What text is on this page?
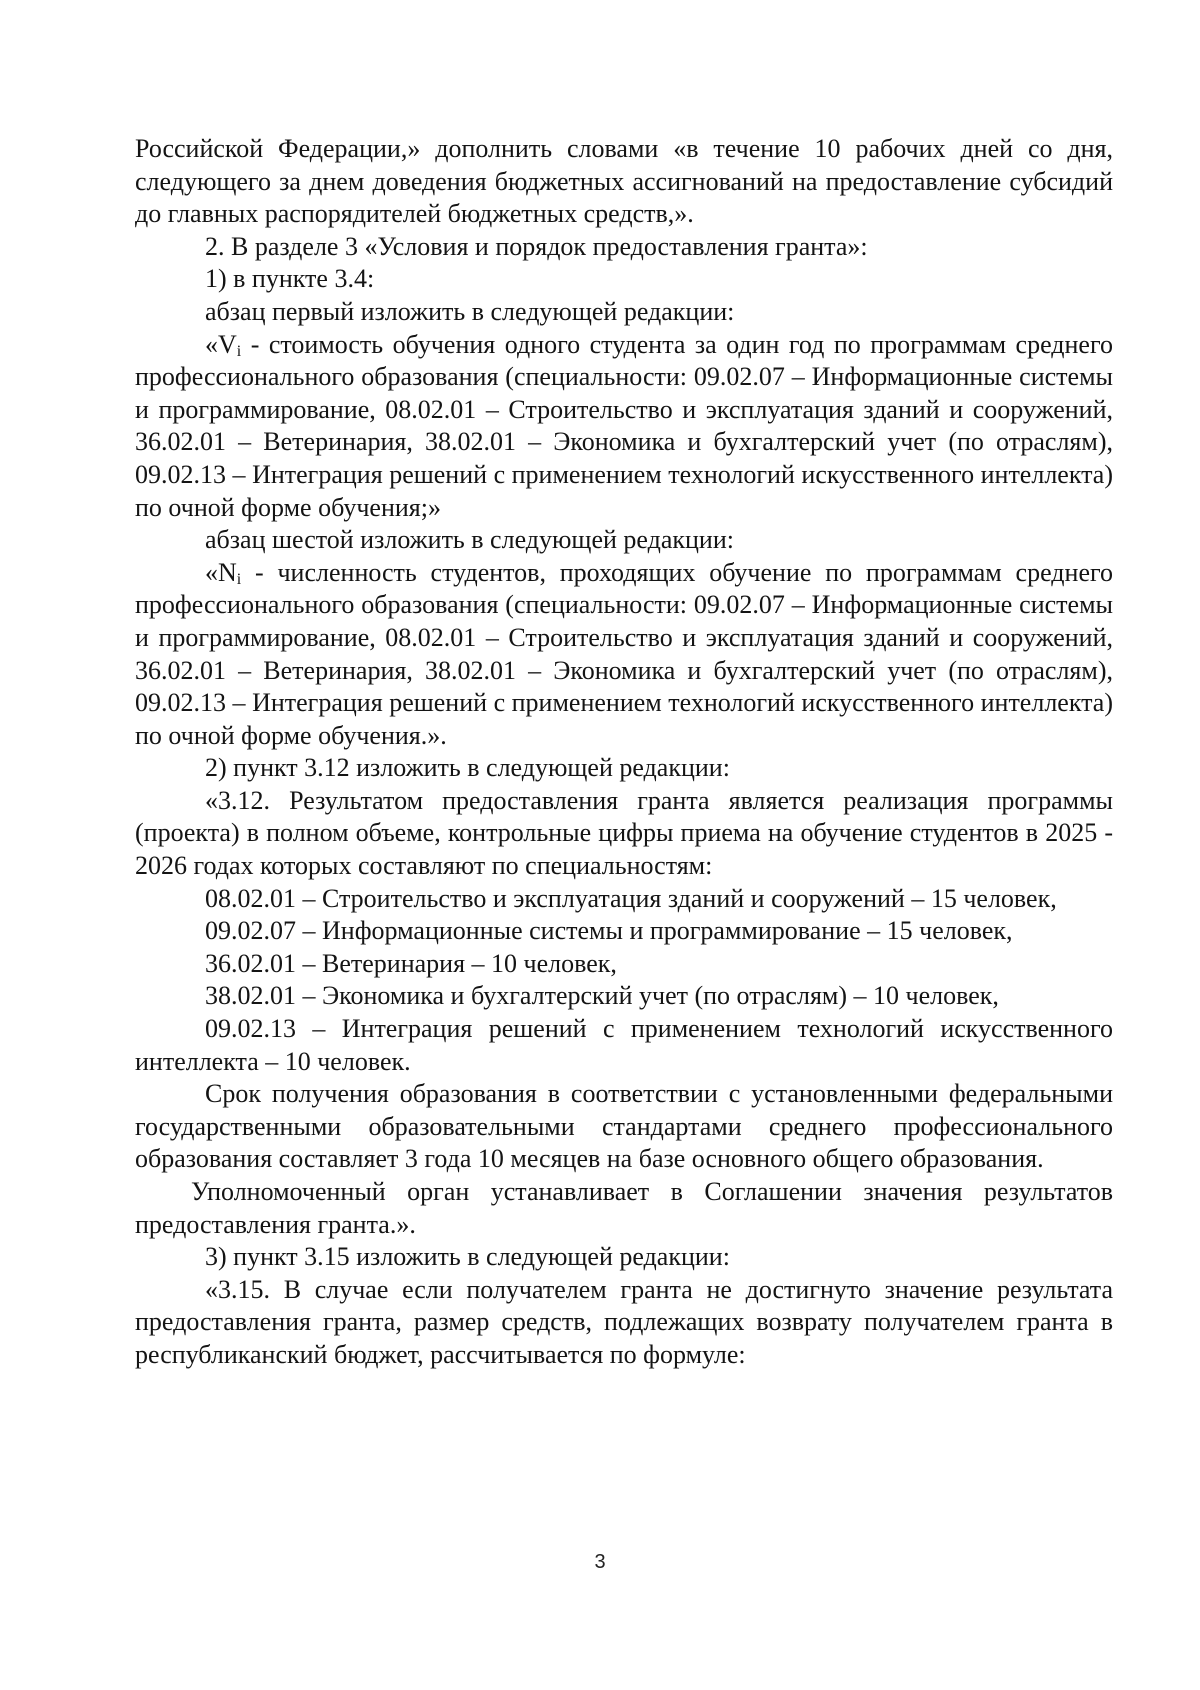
Российской Федерации,» дополнить словами «в течение 10 рабочих дней со дня, следующего за днем доведения бюджетных ассигнований на предоставление субсидий до главных распорядителей бюджетных средств,».

2. В разделе 3 «Условия и порядок предоставления гранта»:

1) в пункте 3.4:

абзац первый изложить в следующей редакции:

«$V_i$ - стоимость обучения одного студента за один год по программам среднего профессионального образования (специальности: 09.02.07 – Информационные системы и программирование, 08.02.01 – Строительство и эксплуатация зданий и сооружений, 36.02.01 – Ветеринария, 38.02.01 – Экономика и бухгалтерский учет (по отраслям), 09.02.13 – Интеграция решений с применением технологий искусственного интеллекта) по очной форме обучения;»

абзац шестой изложить в следующей редакции:

«$N_i$ - численность студентов, проходящих обучение по программам среднего профессионального образования (специальности: 09.02.07 – Информационные системы и программирование, 08.02.01 – Строительство и эксплуатация зданий и сооружений, 36.02.01 – Ветеринария, 38.02.01 – Экономика и бухгалтерский учет (по отраслям), 09.02.13 – Интеграция решений с применением технологий искусственного интеллекта) по очной форме обучения.».

2) пункт 3.12 изложить в следующей редакции:

«3.12. Результатом предоставления гранта является реализация программы (проекта) в полном объеме, контрольные цифры приема на обучение студентов в 2025 - 2026 годах которых составляют по специальностям:

08.02.01 – Строительство и эксплуатация зданий и сооружений – 15 человек,

09.02.07 – Информационные системы и программирование – 15 человек,

36.02.01 – Ветеринария – 10 человек,

38.02.01 – Экономика и бухгалтерский учет (по отраслям) – 10 человек,

09.02.13 – Интеграция решений с применением технологий искусственного интеллекта – 10 человек.

Срок получения образования в соответствии с установленными федеральными государственными образовательными стандартами среднего профессионального образования составляет 3 года 10 месяцев на базе основного общего образования.

Уполномоченный орган устанавливает в Соглашении значения результатов предоставления гранта.».

3) пункт 3.15 изложить в следующей редакции:

«3.15. В случае если получателем гранта не достигнуто значение результата предоставления гранта, размер средств, подлежащих возврату получателем гранта в республиканский бюджет, рассчитывается по формуле:

3
